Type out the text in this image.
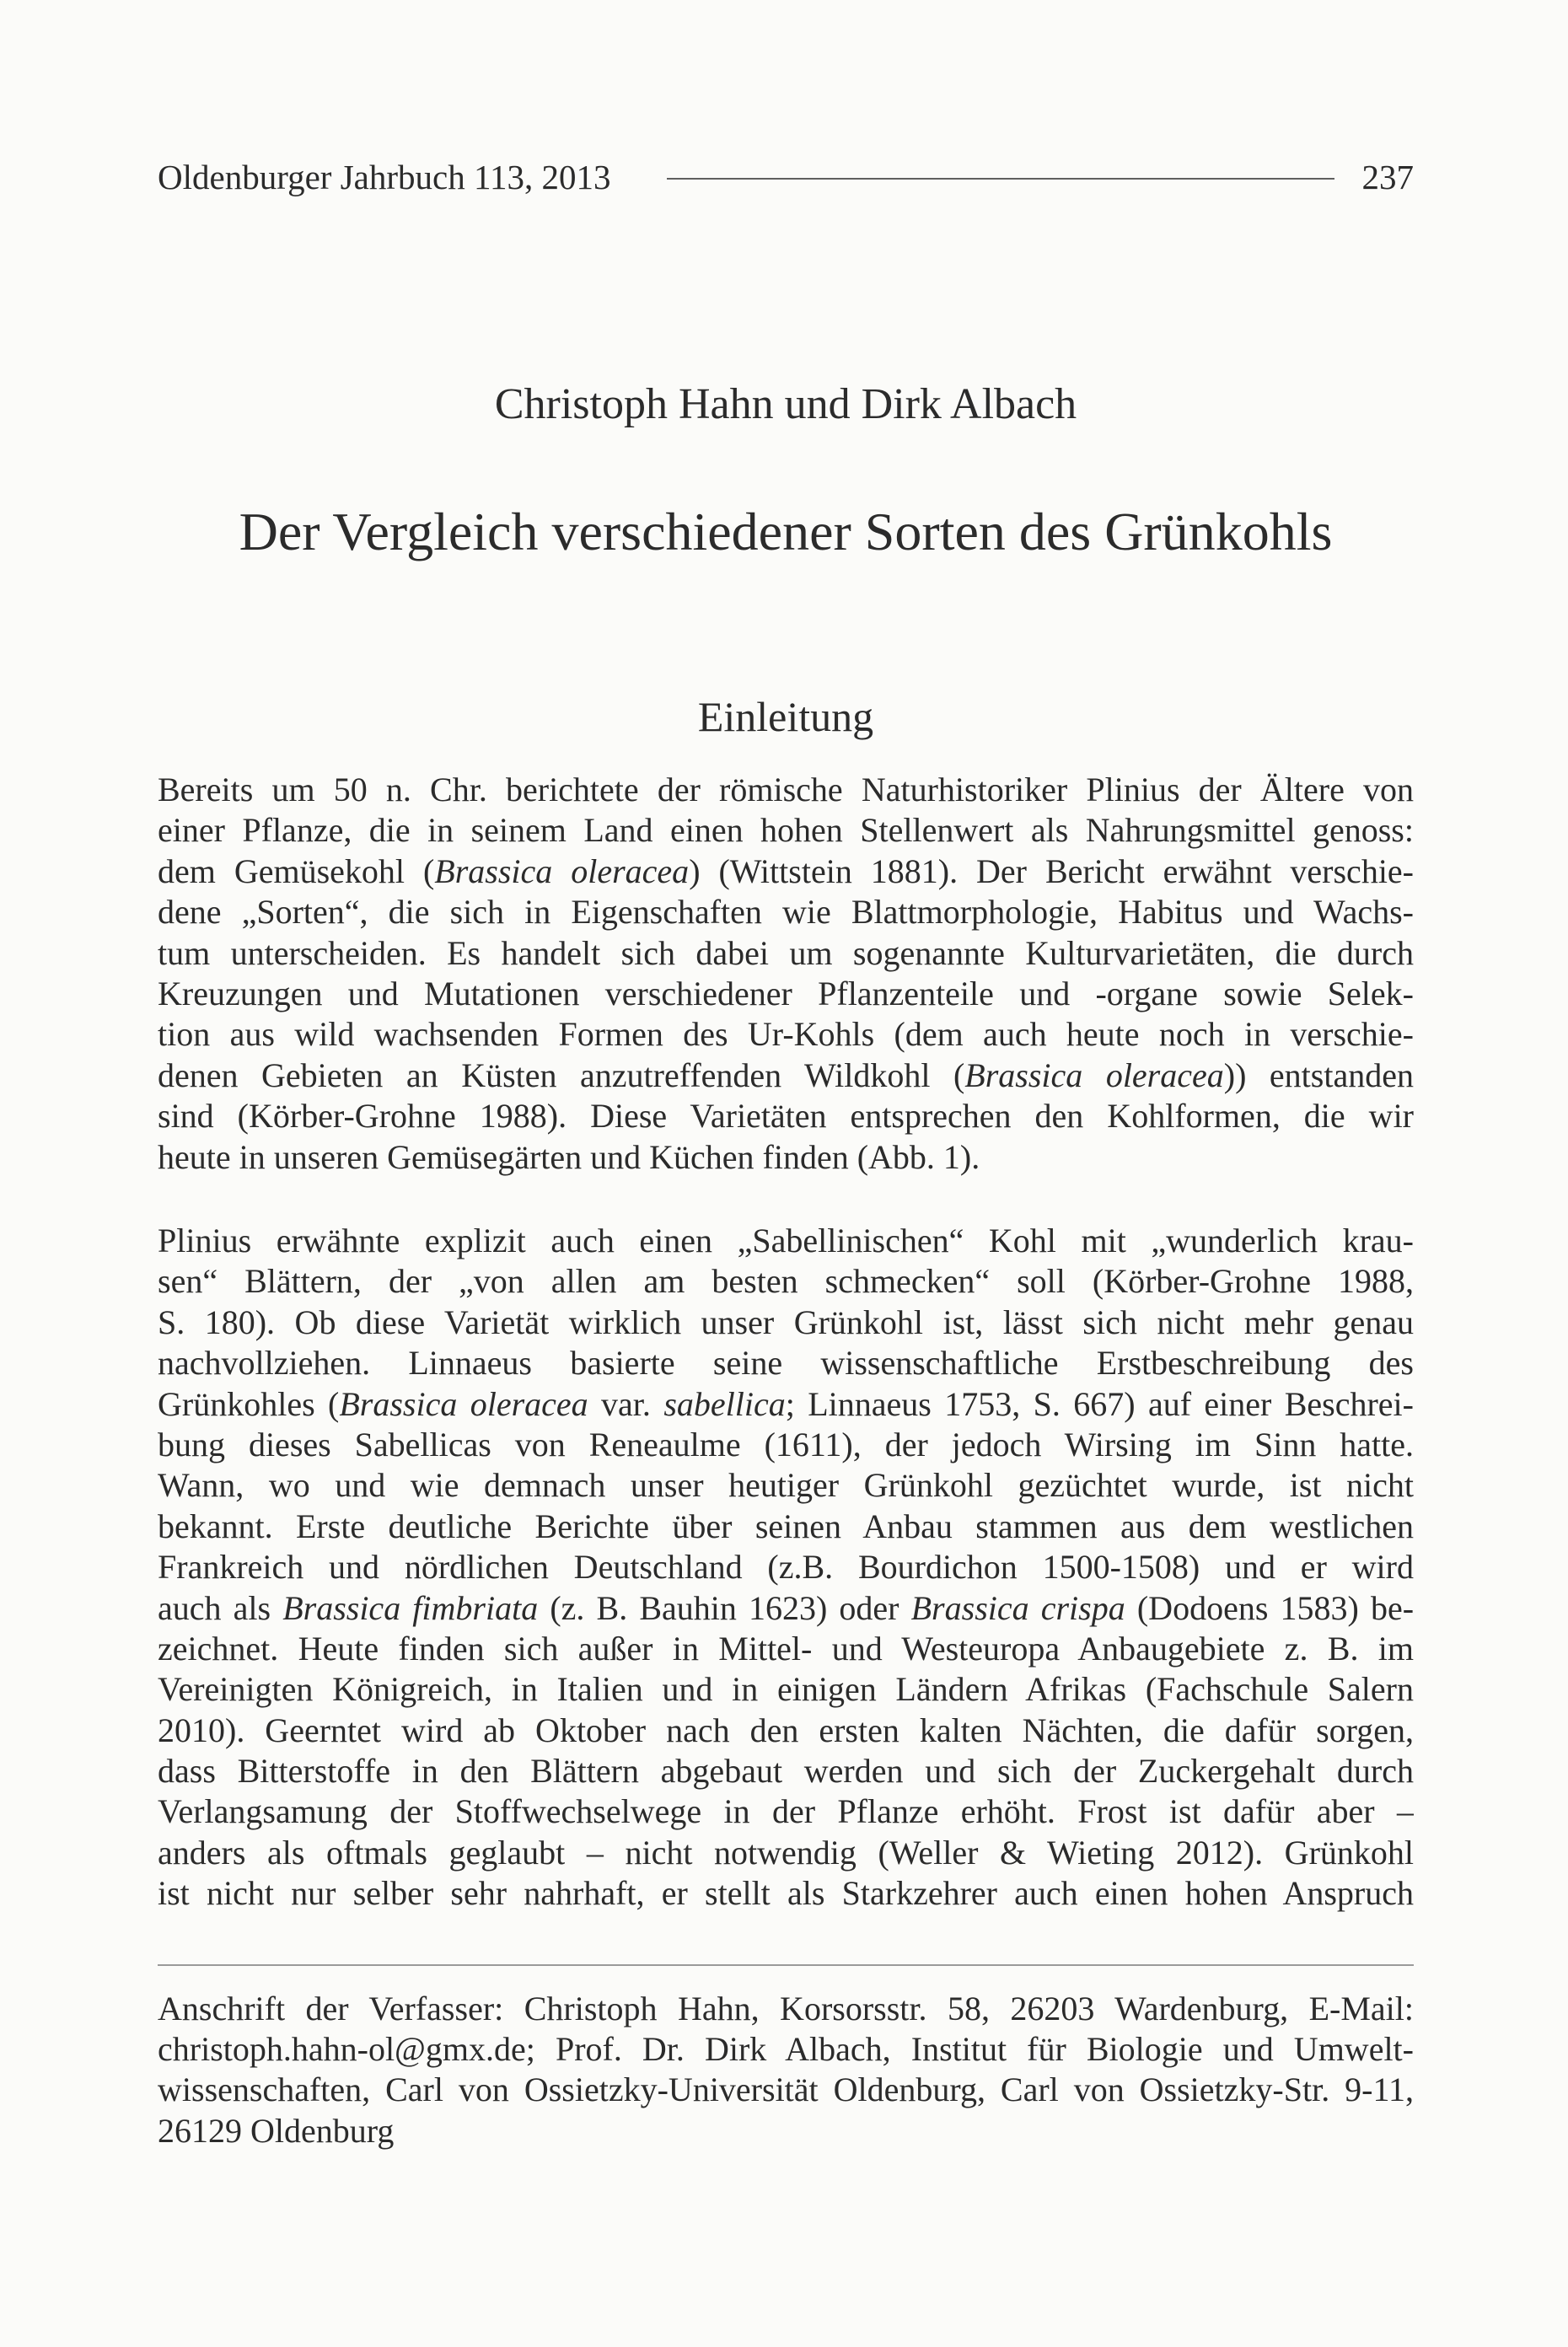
Oldenburger Jahrbuch 113, 2013	237
Christoph Hahn und Dirk Albach
Der Vergleich verschiedener Sorten des Grünkohls
Einleitung
Bereits um 50 n. Chr. berichtete der römische Naturhistoriker Plinius der Ältere von
einer Pflanze, die in seinem Land einen hohen Stellenwert als Nahrungsmittel genoss:
dem Gemüsekohl (Brassica oleracea) (Wittstein 1881). Der Bericht erwähnt verschie-
dene „Sorten“, die sich in Eigenschaften wie Blattmorphologie, Habitus und Wachs-
tum unterscheiden. Es handelt sich dabei um sogenannte Kulturvarietäten, die durch
Kreuzungen und Mutationen verschiedener Pflanzenteile und -organe sowie Selek-
tion aus wild wachsenden Formen des Ur-Kohls (dem auch heute noch in verschie-
denen Gebieten an Küsten anzutreffenden Wildkohl (Brassica oleracea)) entstanden
sind (Körber-Grohne 1988). Diese Varietäten entsprechen den Kohlformen, die wir
heute in unseren Gemüsegärten und Küchen finden (Abb. 1).
Plinius erwähnte explizit auch einen „Sabellinischen“ Kohl mit „wunderlich krau-
sen“ Blättern, der „von allen am besten schmecken“ soll (Körber-Grohne 1988,
S. 180). Ob diese Varietät wirklich unser Grünkohl ist, lässt sich nicht mehr genau
nachvollziehen. Linnaeus basierte seine wissenschaftliche Erstbeschreibung des
Grünkohles (Brassica oleracea var. sabellica; Linnaeus 1753, S. 667) auf einer Beschrei-
bung dieses Sabellicas von Reneaulme (1611), der jedoch Wirsing im Sinn hatte.
Wann, wo und wie demnach unser heutiger Grünkohl gezüchtet wurde, ist nicht
bekannt. Erste deutliche Berichte über seinen Anbau stammen aus dem westlichen
Frankreich und nördlichen Deutschland (z.B. Bourdichon 1500-1508) und er wird
auch als Brassica fimbriata (z. B. Bauhin 1623) oder Brassica crispa (Dodoens 1583) be-
zeichnet. Heute finden sich außer in Mittel- und Westeuropa Anbaugebiete z. B. im
Vereinigten Königreich, in Italien und in einigen Ländern Afrikas (Fachschule Salern
2010). Geerntet wird ab Oktober nach den ersten kalten Nächten, die dafür sorgen,
dass Bitterstoffe in den Blättern abgebaut werden und sich der Zuckergehalt durch
Verlangsamung der Stoffwechselwege in der Pflanze erhöht. Frost ist dafür aber –
anders als oftmals geglaubt – nicht notwendig (Weller & Wieting 2012). Grünkohl
ist nicht nur selber sehr nahrhaft, er stellt als Starkzehrer auch einen hohen Anspruch
Anschrift der Verfasser: Christoph Hahn, Korsorsstr. 58, 26203 Wardenburg, E-Mail:
christoph.hahn-ol@gmx.de; Prof. Dr. Dirk Albach, Institut für Biologie und Umwelt-
wissenschaften, Carl von Ossietzky-Universität Oldenburg, Carl von Ossietzky-Str. 9-11,
26129 Oldenburg
